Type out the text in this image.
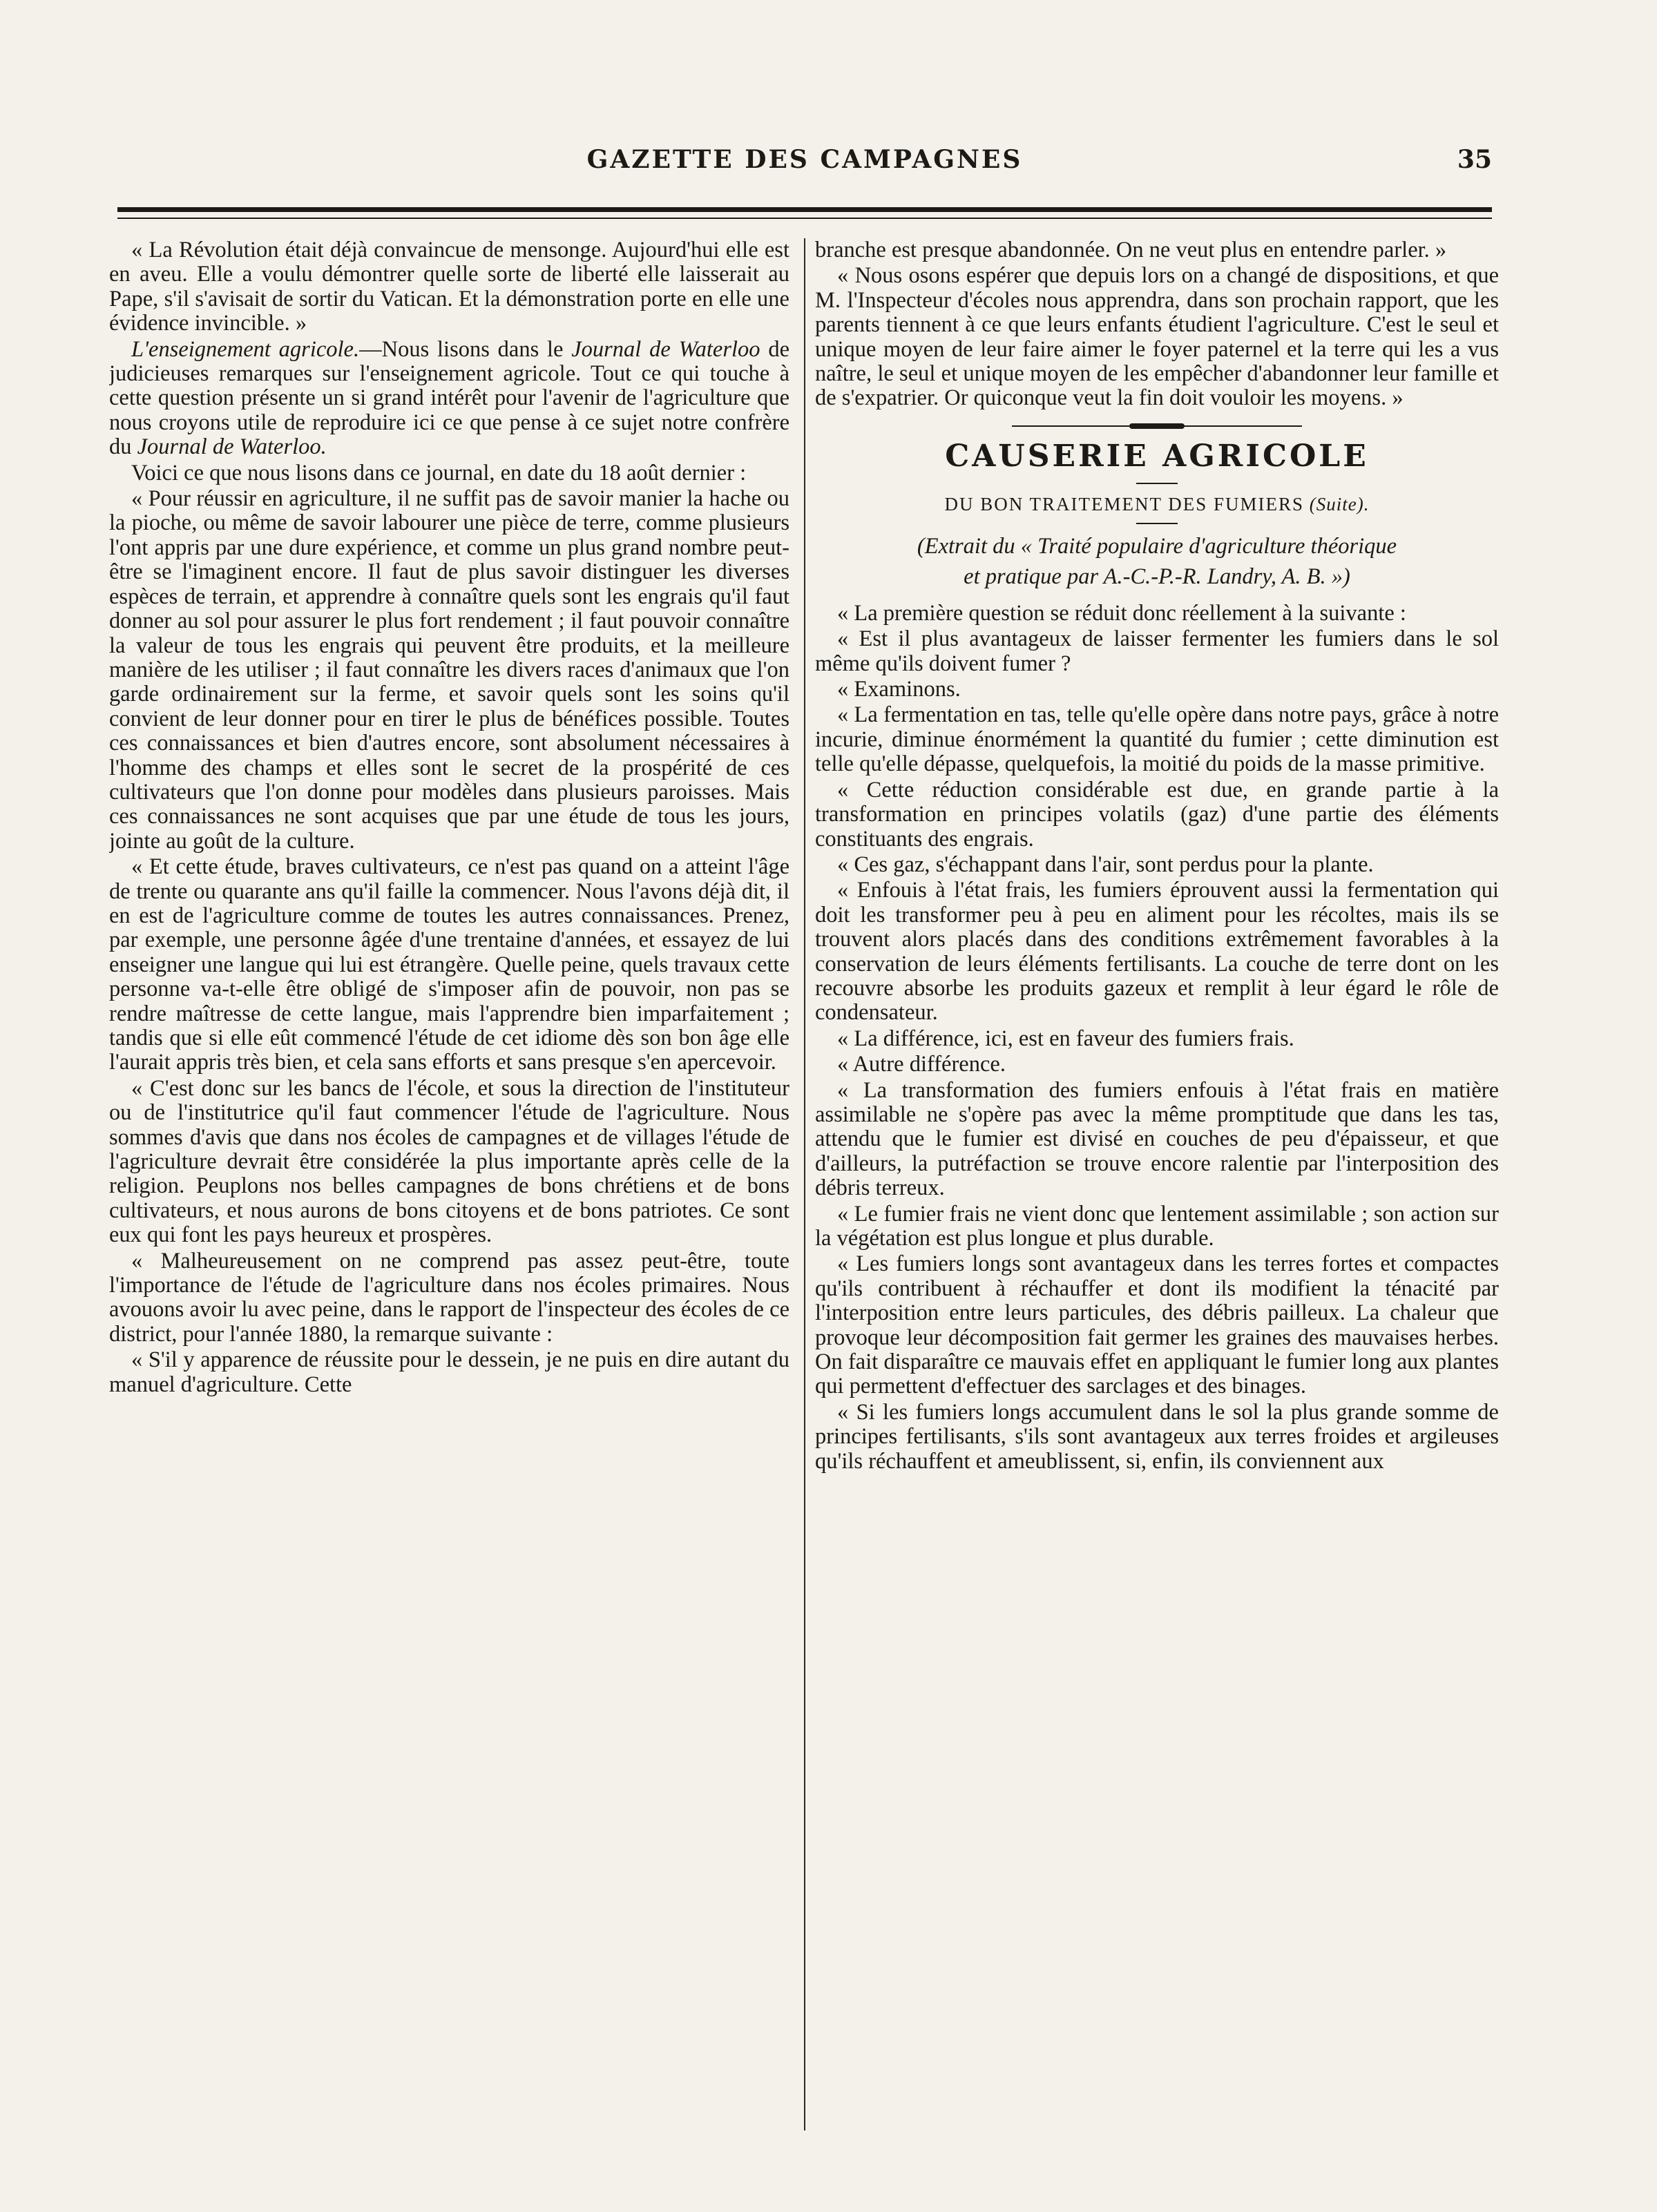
GAZETTE DES CAMPAGNES	35

« La Révolution était déjà convaincue de mensonge. Aujourd'hui elle est en aveu. Elle a voulu démontrer quelle sorte de liberté elle laisserait au Pape, s'il s'avisait de sortir du Vatican. Et la démonstration porte en elle une évidence invincible. »

L'enseignement agricole.—Nous lisons dans le Journal de Waterloo de judicieuses remarques sur l'enseignement agricole. Tout ce qui touche à cette question présente un si grand intérêt pour l'avenir de l'agriculture que nous croyons utile de reproduire ici ce que pense à ce sujet notre confrère du Journal de Waterloo.

Voici ce que nous lisons dans ce journal, en date du 18 août dernier :

« Pour réussir en agriculture, il ne suffit pas de savoir manier la hache ou la pioche, ou même de savoir labourer une pièce de terre, comme plusieurs l'ont appris par une dure expérience, et comme un plus grand nombre peut-être se l'imaginent encore. Il faut de plus savoir distinguer les diverses espèces de terrain, et apprendre à connaître quels sont les engrais qu'il faut donner au sol pour assurer le plus fort rendement ; il faut pouvoir connaître la valeur de tous les engrais qui peuvent être produits, et la meilleure manière de les utiliser ; il faut connaître les divers races d'animaux que l'on garde ordinairement sur la ferme, et savoir quels sont les soins qu'il convient de leur donner pour en tirer le plus de bénéfices possible. Toutes ces connaissances et bien d'autres encore, sont absolument nécessaires à l'homme des champs et elles sont le secret de la prospérité de ces cultivateurs que l'on donne pour modèles dans plusieurs paroisses. Mais ces connaissances ne sont acquises que par une étude de tous les jours, jointe au goût de la culture.

« Et cette étude, braves cultivateurs, ce n'est pas quand on a atteint l'âge de trente ou quarante ans qu'il faille la commencer. Nous l'avons déjà dit, il en est de l'agriculture comme de toutes les autres connaissances. Prenez, par exemple, une personne âgée d'une trentaine d'années, et essayez de lui enseigner une langue qui lui est étrangère. Quelle peine, quels travaux cette personne va-t-elle être obligé de s'imposer afin de pouvoir, non pas se rendre maîtresse de cette langue, mais l'apprendre bien imparfaitement ; tandis que si elle eût commencé l'étude de cet idiome dès son bon âge elle l'aurait appris très bien, et cela sans efforts et sans presque s'en apercevoir.

« C'est donc sur les bancs de l'école, et sous la direction de l'instituteur ou de l'institutrice qu'il faut commencer l'étude de l'agriculture. Nous sommes d'avis que dans nos écoles de campagnes et de villages l'étude de l'agriculture devrait être considérée la plus importante après celle de la religion. Peuplons nos belles campagnes de bons chrétiens et de bons cultivateurs, et nous aurons de bons citoyens et de bons patriotes. Ce sont eux qui font les pays heureux et prospères.

« Malheureusement on ne comprend pas assez peut-être, toute l'importance de l'étude de l'agriculture dans nos écoles primaires. Nous avouons avoir lu avec peine, dans le rapport de l'inspecteur des écoles de ce district, pour l'année 1880, la remarque suivante :

« S'il y apparence de réussite pour le dessein, je ne puis en dire autant du manuel d'agriculture. Cette

branche est presque abandonnée. On ne veut plus en entendre parler. »

« Nous osons espérer que depuis lors on a changé de dispositions, et que M. l'Inspecteur d'écoles nous apprendra, dans son prochain rapport, que les parents tiennent à ce que leurs enfants étudient l'agriculture. C'est le seul et unique moyen de leur faire aimer le foyer paternel et la terre qui les a vus naître, le seul et unique moyen de les empêcher d'abandonner leur famille et de s'expatrier. Or quiconque veut la fin doit vouloir les moyens. »

CAUSERIE AGRICOLE
DU BON TRAITEMENT DES FUMIERS (Suite).
(Extrait du « Traité populaire d'agriculture théorique
et pratique par A.-C.-P.-R. Landry, A. B. »)

« La première question se réduit donc réellement à la suivante :

« Est il plus avantageux de laisser fermenter les fumiers dans le sol même qu'ils doivent fumer ?

« Examinons.

« La fermentation en tas, telle qu'elle opère dans notre pays, grâce à notre incurie, diminue énormément la quantité du fumier ; cette diminution est telle qu'elle dépasse, quelquefois, la moitié du poids de la masse primitive.

« Cette réduction considérable est due, en grande partie à la transformation en principes volatils (gaz) d'une partie des éléments constituants des engrais.

« Ces gaz, s'échappant dans l'air, sont perdus pour la plante.

« Enfouis à l'état frais, les fumiers éprouvent aussi la fermentation qui doit les transformer peu à peu en aliment pour les récoltes, mais ils se trouvent alors placés dans des conditions extrêmement favorables à la conservation de leurs éléments fertilisants. La couche de terre dont on les recouvre absorbe les produits gazeux et remplit à leur égard le rôle de condensateur.

« La différence, ici, est en faveur des fumiers frais.

« Autre différence.

« La transformation des fumiers enfouis à l'état frais en matière assimilable ne s'opère pas avec la même promptitude que dans les tas, attendu que le fumier est divisé en couches de peu d'épaisseur, et que d'ailleurs, la putréfaction se trouve encore ralentie par l'interposition des débris terreux.

« Le fumier frais ne vient donc que lentement assimilable ; son action sur la végétation est plus longue et plus durable.

« Les fumiers longs sont avantageux dans les terres fortes et compactes qu'ils contribuent à réchauffer et dont ils modifient la ténacité par l'interposition entre leurs particules, des débris pailleux. La chaleur que provoque leur décomposition fait germer les graines des mauvaises herbes. On fait disparaître ce mauvais effet en appliquant le fumier long aux plantes qui permettent d'effectuer des sarclages et des binages.

« Si les fumiers longs accumulent dans le sol la plus grande somme de principes fertilisants, s'ils sont avantageux aux terres froides et argileuses qu'ils réchauffent et ameublissent, si, enfin, ils conviennent aux
